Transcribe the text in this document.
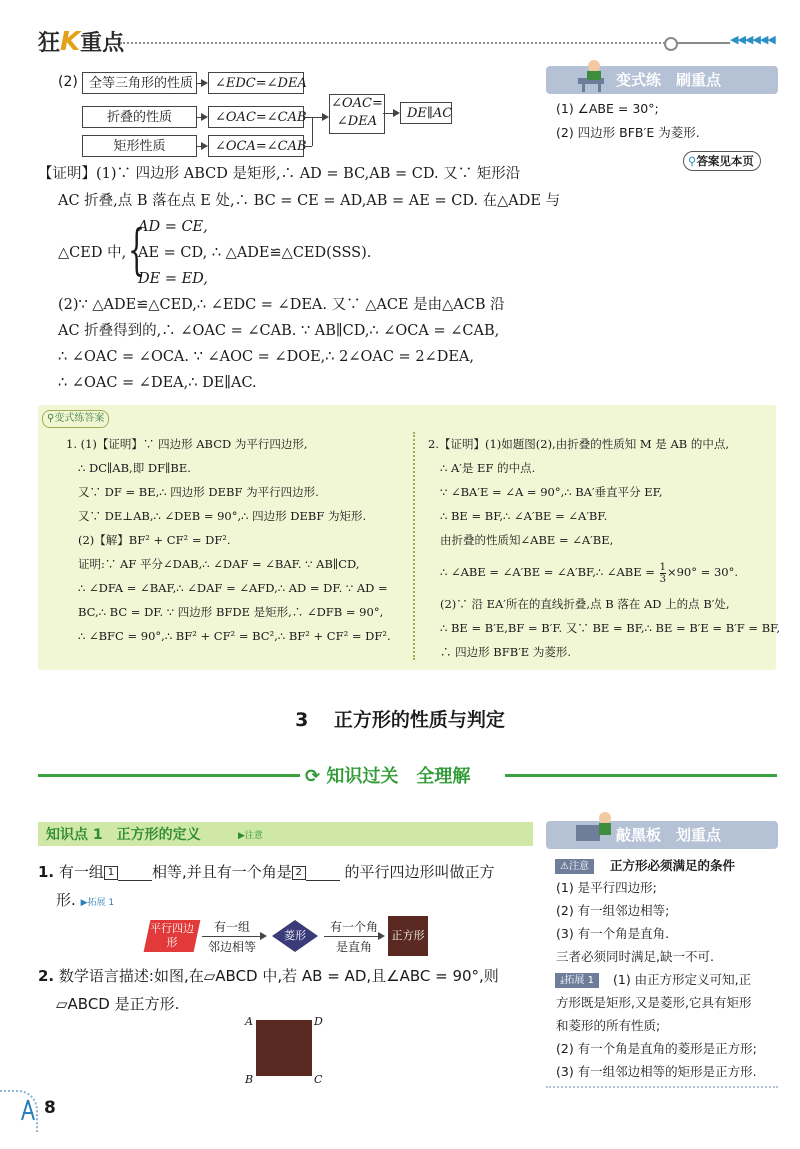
狂K重点	◀◀◀◀◀◀
(2) 全等三角形的性质
折叠的性质
矩形性质
∠EDC=∠DEA
∠OAC=∠CAB
∠OCA=∠CAB
∠OAC=
∠DEA
DE∥AC
【证明】(1)∵ 四边形 ABCD 是矩形,∴ AD = BC,AB = CD. 又∵ 矩形沿
AC 折叠,点 B 落在点 E 处,∴ BC = CE = AD,AB = AE = CD. 在△ADE 与
△CED 中, {
AD = CE,
AE = CD, ∴ △ADE≌△CED(SSS).
DE = ED,
(2)∵ △ADE≌△CED,∴ ∠EDC = ∠DEA. 又∵ △ACE 是由△ACB 沿
AC 折叠得到的,∴ ∠OAC = ∠CAB. ∵ AB∥CD,∴ ∠OCA = ∠CAB,
∴ ∠OAC = ∠OCA. ∵ ∠AOC = ∠DOE,∴ 2∠OAC = 2∠DEA,
∴ ∠OAC = ∠DEA,∴ DE∥AC.
变式练　 刷重点
(1) ∠ABE = 30°;
(2) 四边形 BFB′E 为菱形.
⚲答案见本页
⚲变式练答案
1. (1)【证明】∵ 四边形 ABCD 为平行四边形,
∴ DC∥AB,即 DF∥BE.
又∵ DF = BE,∴ 四边形 DEBF 为平行四边形.
又∵ DE⊥AB,∴ ∠DEB = 90°,∴ 四边形 DEBF 为矩形.
(2)【解】BF² + CF² = DF².
证明:∵ AF 平分∠DAB,∴ ∠DAF = ∠BAF. ∵ AB∥CD,
∴ ∠DFA = ∠BAF,∴ ∠DAF = ∠AFD,∴ AD = DF. ∵ AD =
BC,∴ BC = DF. ∵ 四边形 BFDE 是矩形,∴ ∠DFB = 90°,
∴ ∠BFC = 90°,∴ BF² + CF² = BC²,∴ BF² + CF² = DF².
2.【证明】(1)如题图(2),由折叠的性质知 M 是 AB 的中点,
∴ A′是 EF 的中点.
∵ ∠BA′E = ∠A = 90°,∴ BA′垂直平分 EF,
∴ BE = BF,∴ ∠A′BE = ∠A′BF.
由折叠的性质知∠ABE = ∠A′BE,
∴ ∠ABE = ∠A′BE = ∠A′BF,∴ ∠ABE = $\frac{1}{3} \times 90^\circ = 30^\circ$.
(2)∵ 沿 EA′所在的直线折叠,点 B 落在 AD 上的点 B′处,
∴ BE = B′E,BF = B′F. 又∵ BE = BF,∴ BE = B′E = B′F = BF,
∴ 四边形 BFB′E 为菱形.
3　 正方形的性质与判定
⟳ 知识过关　 全理解
知识点 1　正方形的定义	▶注意
1. 有一组 1	相等,并且有一个角是 2	的平行四边形叫做正方
形. ▶拓展 1
平行四边形
有一组
邻边相等
菱形
有一个角
是直角
正方形
2. 数学语言描述:如图,在▱ABCD 中,若 AB = AD,且∠ABC = 90°,则
▱ABCD 是正方形.
A	D
B	C
敲黑板　 划重点
⚠注意	正方形必须满足的条件
(1) 是平行四边形;
(2) 有一组邻边相等;
(3) 有一个角是直角.
三者必须同时满足,缺一不可.
⤓拓展 1	(1) 由正方形定义可知,正
方形既是矩形,又是菱形,它具有矩形
和菱形的所有性质;
(2) 有一个角是直角的菱形是正方形;
(3) 有一组邻边相等的矩形是正方形.
8
